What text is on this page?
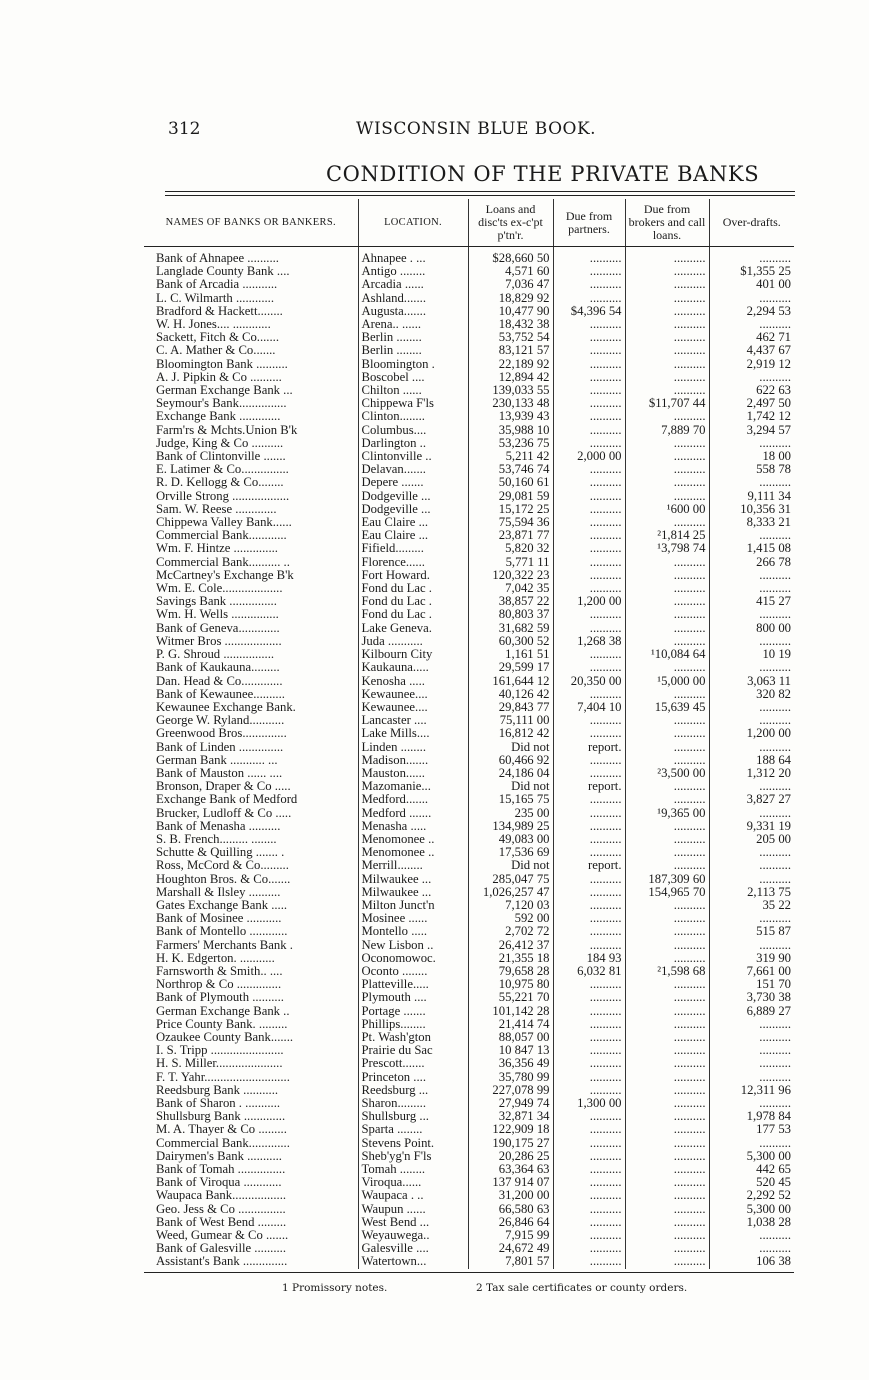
312	WISCONSIN BLUE BOOK.
CONDITION OF THE PRIVATE BANKS
NAMES OF BANKS OR BANKERS.	LOCATION.	Loans and disc'ts ex-c'pt p'tn'r.	Due from partners.	Due from brokers and call loans.	Over-drafts.
Bank of Ahnapee ..........	Ahnapee . ...	$28,660 50	..........	..........	..........
Langlade County Bank ....	Antigo ........	4,571 60	..........	..........	$1,355 25
Bank of Arcadia ...........	Arcadia ......	7,036 47	..........	..........	401 00
L. C. Wilmarth ............	Ashland.......	18,829 92	..........	..........	..........
Bradford & Hackett........	Augusta.......	10,477 90	$4,396 54	..........	2,294 53
W. H. Jones.... ............	Arena.. ......	18,432 38	..........	..........	..........
Sackett, Fitch & Co.......	Berlin ........	53,752 54	..........	..........	462 71
C. A. Mather & Co.......	Berlin ........	83,121 57	..........	..........	4,437 67
Bloomington Bank ..........	Bloomington .	22,189 92	..........	..........	2,919 12
A. J. Pipkin & Co ..........	Boscobel ....	12,894 42	..........	..........	..........
German Exchange Bank ...	Chilton ......	139,033 55	..........	..........	622 63
Seymour's Bank...............	Chippewa F'ls	230,133 48	..........	$11,707 44	2,497 50
Exchange Bank .............	Clinton........	13,939 43	..........	..........	1,742 12
Farm'rs & Mchts.Union B'k	Columbus....	35,988 10	..........	7,889 70	3,294 57
Judge, King & Co ..........	Darlington ..	53,236 75	..........	..........	..........
Bank of Clintonville .......	Clintonville ..	5,211 42	2,000 00	..........	18 00
E. Latimer & Co...............	Delavan.......	53,746 74	..........	..........	558 78
R. D. Kellogg & Co........	Depere .......	50,160 61	..........	..........	..........
Orville Strong ..................	Dodgeville ...	29,081 59	..........	..........	9,111 34
Sam. W. Reese .............	Dodgeville ...	15,172 25	..........	¹600 00	10,356 31
Chippewa Valley Bank......	Eau Claire ...	75,594 36	..........	..........	8,333 21
Commercial Bank............	Eau Claire ...	23,871 77	..........	²1,814 25	..........
Wm. F. Hintze ..............	Fifield.........	5,820 32	..........	¹3,798 74	1,415 08
Commercial Bank.......... ..	Florence......	5,771 11	..........	..........	266 78
McCartney's Exchange B'k	Fort Howard.	120,322 23	..........	..........	..........
Wm. E. Cole...................	Fond du Lac .	7,042 35	..........	..........	..........
Savings Bank ...............	Fond du Lac .	38,857 22	1,200 00	..........	415 27
Wm. H. Wells ...............	Fond du Lac .	80,803 37	..........	..........	..........
Bank of Geneva.............	Lake Geneva.	31,682 59	..........	..........	800 00
Witmer Bros ..................	Juda ...........	60,300 52	1,268 38	..........	..........
P. G. Shroud ................	Kilbourn City	1,161 51	..........	¹10,084 64	10 19
Bank of Kaukauna.........	Kaukauna.....	29,599 17	..........	..........	..........
Dan. Head & Co.............	Kenosha .....	161,644 12	20,350 00	¹5,000 00	3,063 11
Bank of Kewaunee..........	Kewaunee....	40,126 42	..........	..........	320 82
Kewaunee Exchange Bank.	Kewaunee....	29,843 77	7,404 10	15,639 45	..........
George W. Ryland...........	Lancaster ....	75,111 00	..........	..........	..........
Greenwood Bros..............	Lake Mills....	16,812 42	..........	..........	1,200 00
Bank of Linden ..............	Linden ........	Did not	report.	..........	..........
German Bank ........... ...	Madison.......	60,466 92	..........	..........	188 64
Bank of Mauston ...... ....	Mauston......	24,186 04	..........	²3,500 00	1,312 20
Bronson, Draper & Co .....	Mazomanie...	Did not	report.	..........	..........
Exchange Bank of Medford	Medford.......	15,165 75	..........	..........	3,827 27
Brucker, Ludloff & Co .....	Medford .......	235 00	..........	¹9,365 00	..........
Bank of Menasha ..........	Menasha .....	134,989 25	..........	..........	9,331 19
S. B. French......... ........	Menomonee ..	49,083 00	..........	..........	205 00
Schutte & Quilling ....... .	Menomonee ..	17,536 69	..........	..........	..........
Ross, McCord & Co.........	Merrill........	Did not	report.	..........	..........
Houghton Bros. & Co.......	Milwaukee ...	285,047 75	..........	187,309 60	..........
Marshall & Ilsley ..........	Milwaukee ...	1,026,257 47	..........	154,965 70	2,113 75
Gates Exchange Bank .....	Milton Junct'n	7,120 03	..........	..........	35 22
Bank of Mosinee ...........	Mosinee ......	592 00	..........	..........	..........
Bank of Montello ............	Montello .....	2,702 72	..........	..........	515 87
Farmers' Merchants Bank .	New Lisbon ..	26,412 37	..........	..........	..........
H. K. Edgerton. ...........	Oconomowoc.	21,355 18	184 93	..........	319 90
Farnsworth & Smith.. ....	Oconto ........	79,658 28	6,032 81	²1,598 68	7,661 00
Northrop & Co ..............	Platteville.....	10,975 80	..........	..........	151 70
Bank of Plymouth ..........	Plymouth ....	55,221 70	..........	..........	3,730 38
German Exchange Bank ..	Portage .......	101,142 28	..........	..........	6,889 27
Price County Bank. .........	Phillips........	21,414 74	..........	..........	..........
Ozaukee County Bank.......	Pt. Wash'gton	88,057 00	..........	..........	..........
I. S. Tripp .......................	Prairie du Sac	10 847 13	..........	..........	..........
H. S. Miller.....................	Prescott.......	36,356 49	..........	..........	..........
F. T. Yahr...........................	Princeton ....	35,780 99	..........	..........	..........
Reedsburg Bank ...........	Reedsburg ...	227,078 99	..........	..........	12,311 96
Bank of Sharon . ...........	Sharon.........	27,949 74	1,300 00	..........	..........
Shullsburg Bank .............	Shullsburg ...	32,871 34	..........	..........	1,978 84
M. A. Thayer & Co .........	Sparta ........	122,909 18	..........	..........	177 53
Commercial Bank.............	Stevens Point.	190,175 27	..........	..........	..........
Dairymen's Bank ...........	Sheb'yg'n F'ls	20,286 25	..........	..........	5,300 00
Bank of Tomah ...............	Tomah ........	63,364 63	..........	..........	442 65
Bank of Viroqua ............	Viroqua......	137 914 07	..........	..........	520 45
Waupaca Bank.................	Waupaca . ..	31,200 00	..........	..........	2,292 52
Geo. Jess & Co ...............	Waupun ......	66,580 63	..........	..........	5,300 00
Bank of West Bend .........	West Bend ...	26,846 64	..........	..........	1,038 28
Weed, Gumear & Co .......	Weyauwega..	7,915 99	..........	..........	..........
Bank of Galesville ..........	Galesville ....	24,672 49	..........	..........	..........
Assistant's Bank ..............	Watertown...	7,801 57	..........	..........	106 38
1 Promissory notes.	2 Tax sale certificates or county orders.
